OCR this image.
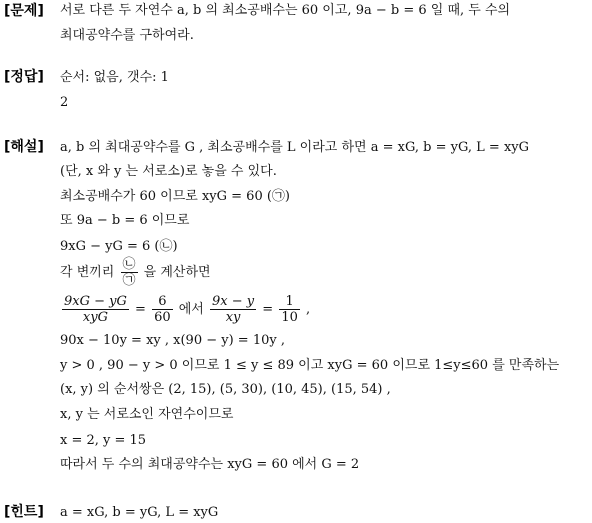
[문제] 서로 다른 두 자연수 a, b 의 최소공배수는 60 이고, 9a − b = 6 일 때, 두 수의
최대공약수를 구하여라.
[정답] 순서: 없음, 갯수: 1
2
[해설] a, b 의 최대공약수를 G , 최소공배수를 L 이라고 하면 a = xG, b = yG, L = xyG
(단, x 와 y 는 서로소)로 놓을 수 있다.
최소공배수가 60 이므로 xyG = 60 (㉠)
또 9a − b = 6 이므로
9xG − yG = 6 (㉡)
각 변끼리 $\frac{㉡}{㉠}$ 을 계산하면
$\frac{9xG - yG}{\text{xyG}} = \frac{6}{60}$ 에서 $\frac{9x - y}{xy} = \frac{1}{10}$ ,
90x − 10y = xy , x(90 − y) = 10y ,
y > 0 , 90 − y > 0 이므로 1 ≤ y ≤ 89 이고 xyG = 60 이므로 1≤y≤60 를 만족하는
(x, y) 의 순서쌍은 (2, 15), (5, 30), (10, 45), (15, 54) ,
x, y 는 서로소인 자연수이므로
x = 2, y = 15
따라서 두 수의 최대공약수는 xyG = 60 에서 G = 2
[힌트] a = xG, b = yG, L = xyG
